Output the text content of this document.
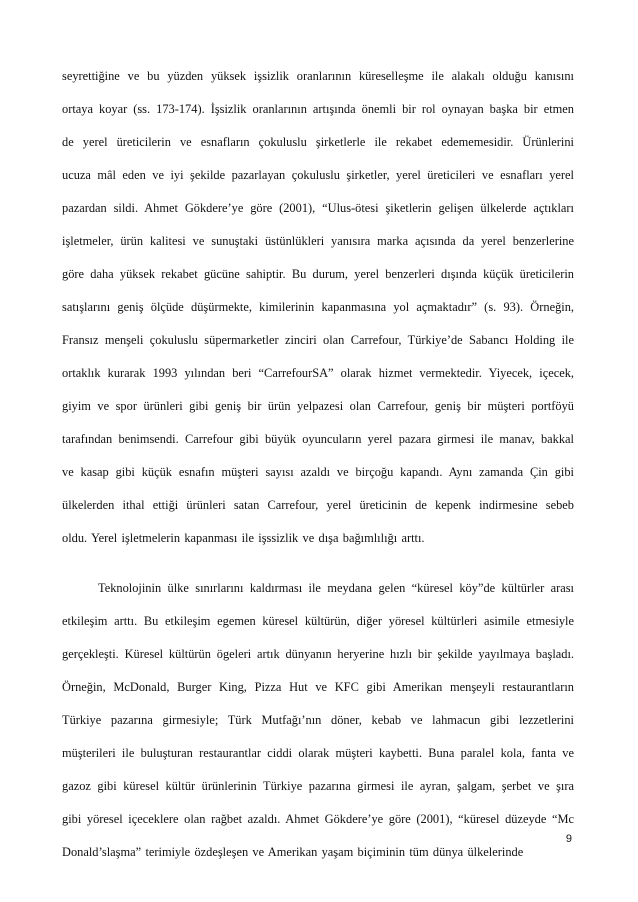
seyrettiğine ve bu yüzden yüksek işsizlik oranlarının küreselleşme ile alakalı olduğu kanısını
ortaya koyar (ss. 173-174). İşsizlik oranlarının artışında önemli bir rol oynayan başka bir etmen
de yerel üreticilerin ve esnafların çokuluslu şirketlerle ile rekabet edememesidir. Ürünlerini
ucuza mâl eden ve iyi şekilde pazarlayan çokuluslu şirketler, yerel üreticileri ve esnafları yerel
pazardan sildi. Ahmet Gökdere’ye göre (2001), “Ulus-ötesi şiketlerin gelişen ülkelerde açtıkları
işletmeler, ürün kalitesi ve sunuştaki üstünlükleri yanısıra marka açısında da yerel benzerlerine
göre daha yüksek rekabet gücüne sahiptir. Bu durum, yerel benzerleri dışında küçük üreticilerin
satışlarını geniş ölçüde düşürmekte, kimilerinin kapanmasına yol açmaktadır” (s. 93). Örneğin,
Fransız menşeli çokuluslu süpermarketler zinciri olan Carrefour, Türkiye’de Sabancı Holding ile
ortaklık kurarak 1993 yılından beri “CarrefourSA” olarak hizmet vermektedir. Yiyecek, içecek,
giyim ve spor ürünleri gibi geniş bir ürün yelpazesi olan Carrefour, geniş bir müşteri portföyü
tarafından benimsendi. Carrefour gibi büyük oyuncuların yerel pazara girmesi ile manav, bakkal
ve kasap gibi küçük esnafın müşteri sayısı azaldı ve birçoğu kapandı. Aynı zamanda Çin gibi
ülkelerden ithal ettiği ürünleri satan Carrefour, yerel üreticinin de kepenk indirmesine sebeb
oldu. Yerel işletmelerin kapanması ile işssizlik ve dışa bağımlılığı arttı.
Teknolojinin ülke sınırlarını kaldırması ile meydana gelen “küresel köy”de kültürler arası
etkileşim arttı. Bu etkileşim egemen küresel kültürün, diğer yöresel kültürleri asimile etmesiyle
gerçekleşti. Küresel kültürün ögeleri artık dünyanın heryerine hızlı bir şekilde yayılmaya başladı.
Örneğin, McDonald, Burger King, Pizza Hut ve KFC gibi Amerikan menşeyli restaurantların
Türkiye pazarına girmesiyle; Türk Mutfağı’nın döner, kebab ve lahmacun gibi lezzetlerini
müşterileri ile buluşturan restaurantlar ciddi olarak müşteri kaybetti. Buna paralel kola, fanta ve
gazoz gibi küresel kültür ürünlerinin Türkiye pazarına girmesi ile ayran, şalgam, şerbet ve şıra
gibi yöresel içeceklere olan rağbet azaldı. Ahmet Gökdere’ye göre (2001), “küresel düzeyde “Mc
Donald’slaşma” terimiyle özdeşleşen ve Amerikan yaşam biçiminin tüm dünya ülkelerinde
9
